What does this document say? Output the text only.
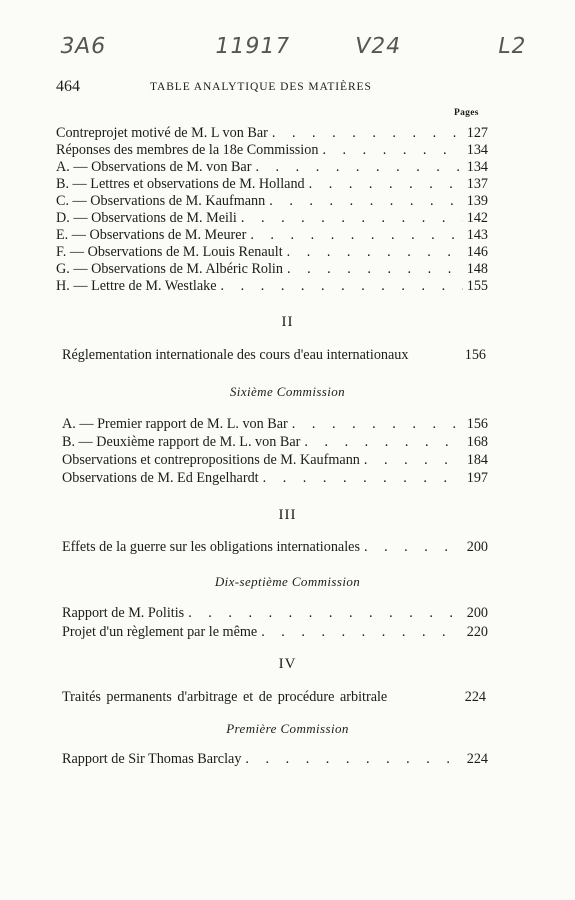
3A6	11917	V24	L2
464	TABLE ANALYTIQUE DES MATIÈRES
Pages
Contreprojet motivé de M. L von Bar . . .	127
Réponses des membres de la 18e Commission . . .	134
A. — Observations de M. von Bar . . .	134
B. — Lettres et observations de M. Holland . . .	137
C. — Observations de M. Kaufmann . . .	139
D. — Observations de M. Meili . . .	142
E. — Observations de M. Meurer . . .	143
F. — Observations de M. Louis Renault . . .	146
G. — Observations de M. Albéric Rolin . . .	148
H. — Lettre de M. Westlake . . .	155
II
Réglementation internationale des cours d'eau internationaux	156
Sixième Commission
A. — Premier rapport de M. L. von Bar . . .	156
B. — Deuxième rapport de M. L. von Bar . . .	168
Observations et contrepropositions de M. Kaufmann . . .	184
Observations de M. Ed Engelhardt . . .	197
III
Effets de la guerre sur les obligations internationales . . .	200
Dix-septième Commission
Rapport de M. Politis . . .	200
Projet d'un règlement par le même . . .	220
IV
Traités permanents d'arbitrage et de procédure arbitrale	224
Première Commission
Rapport de Sir Thomas Barclay . . .	224
